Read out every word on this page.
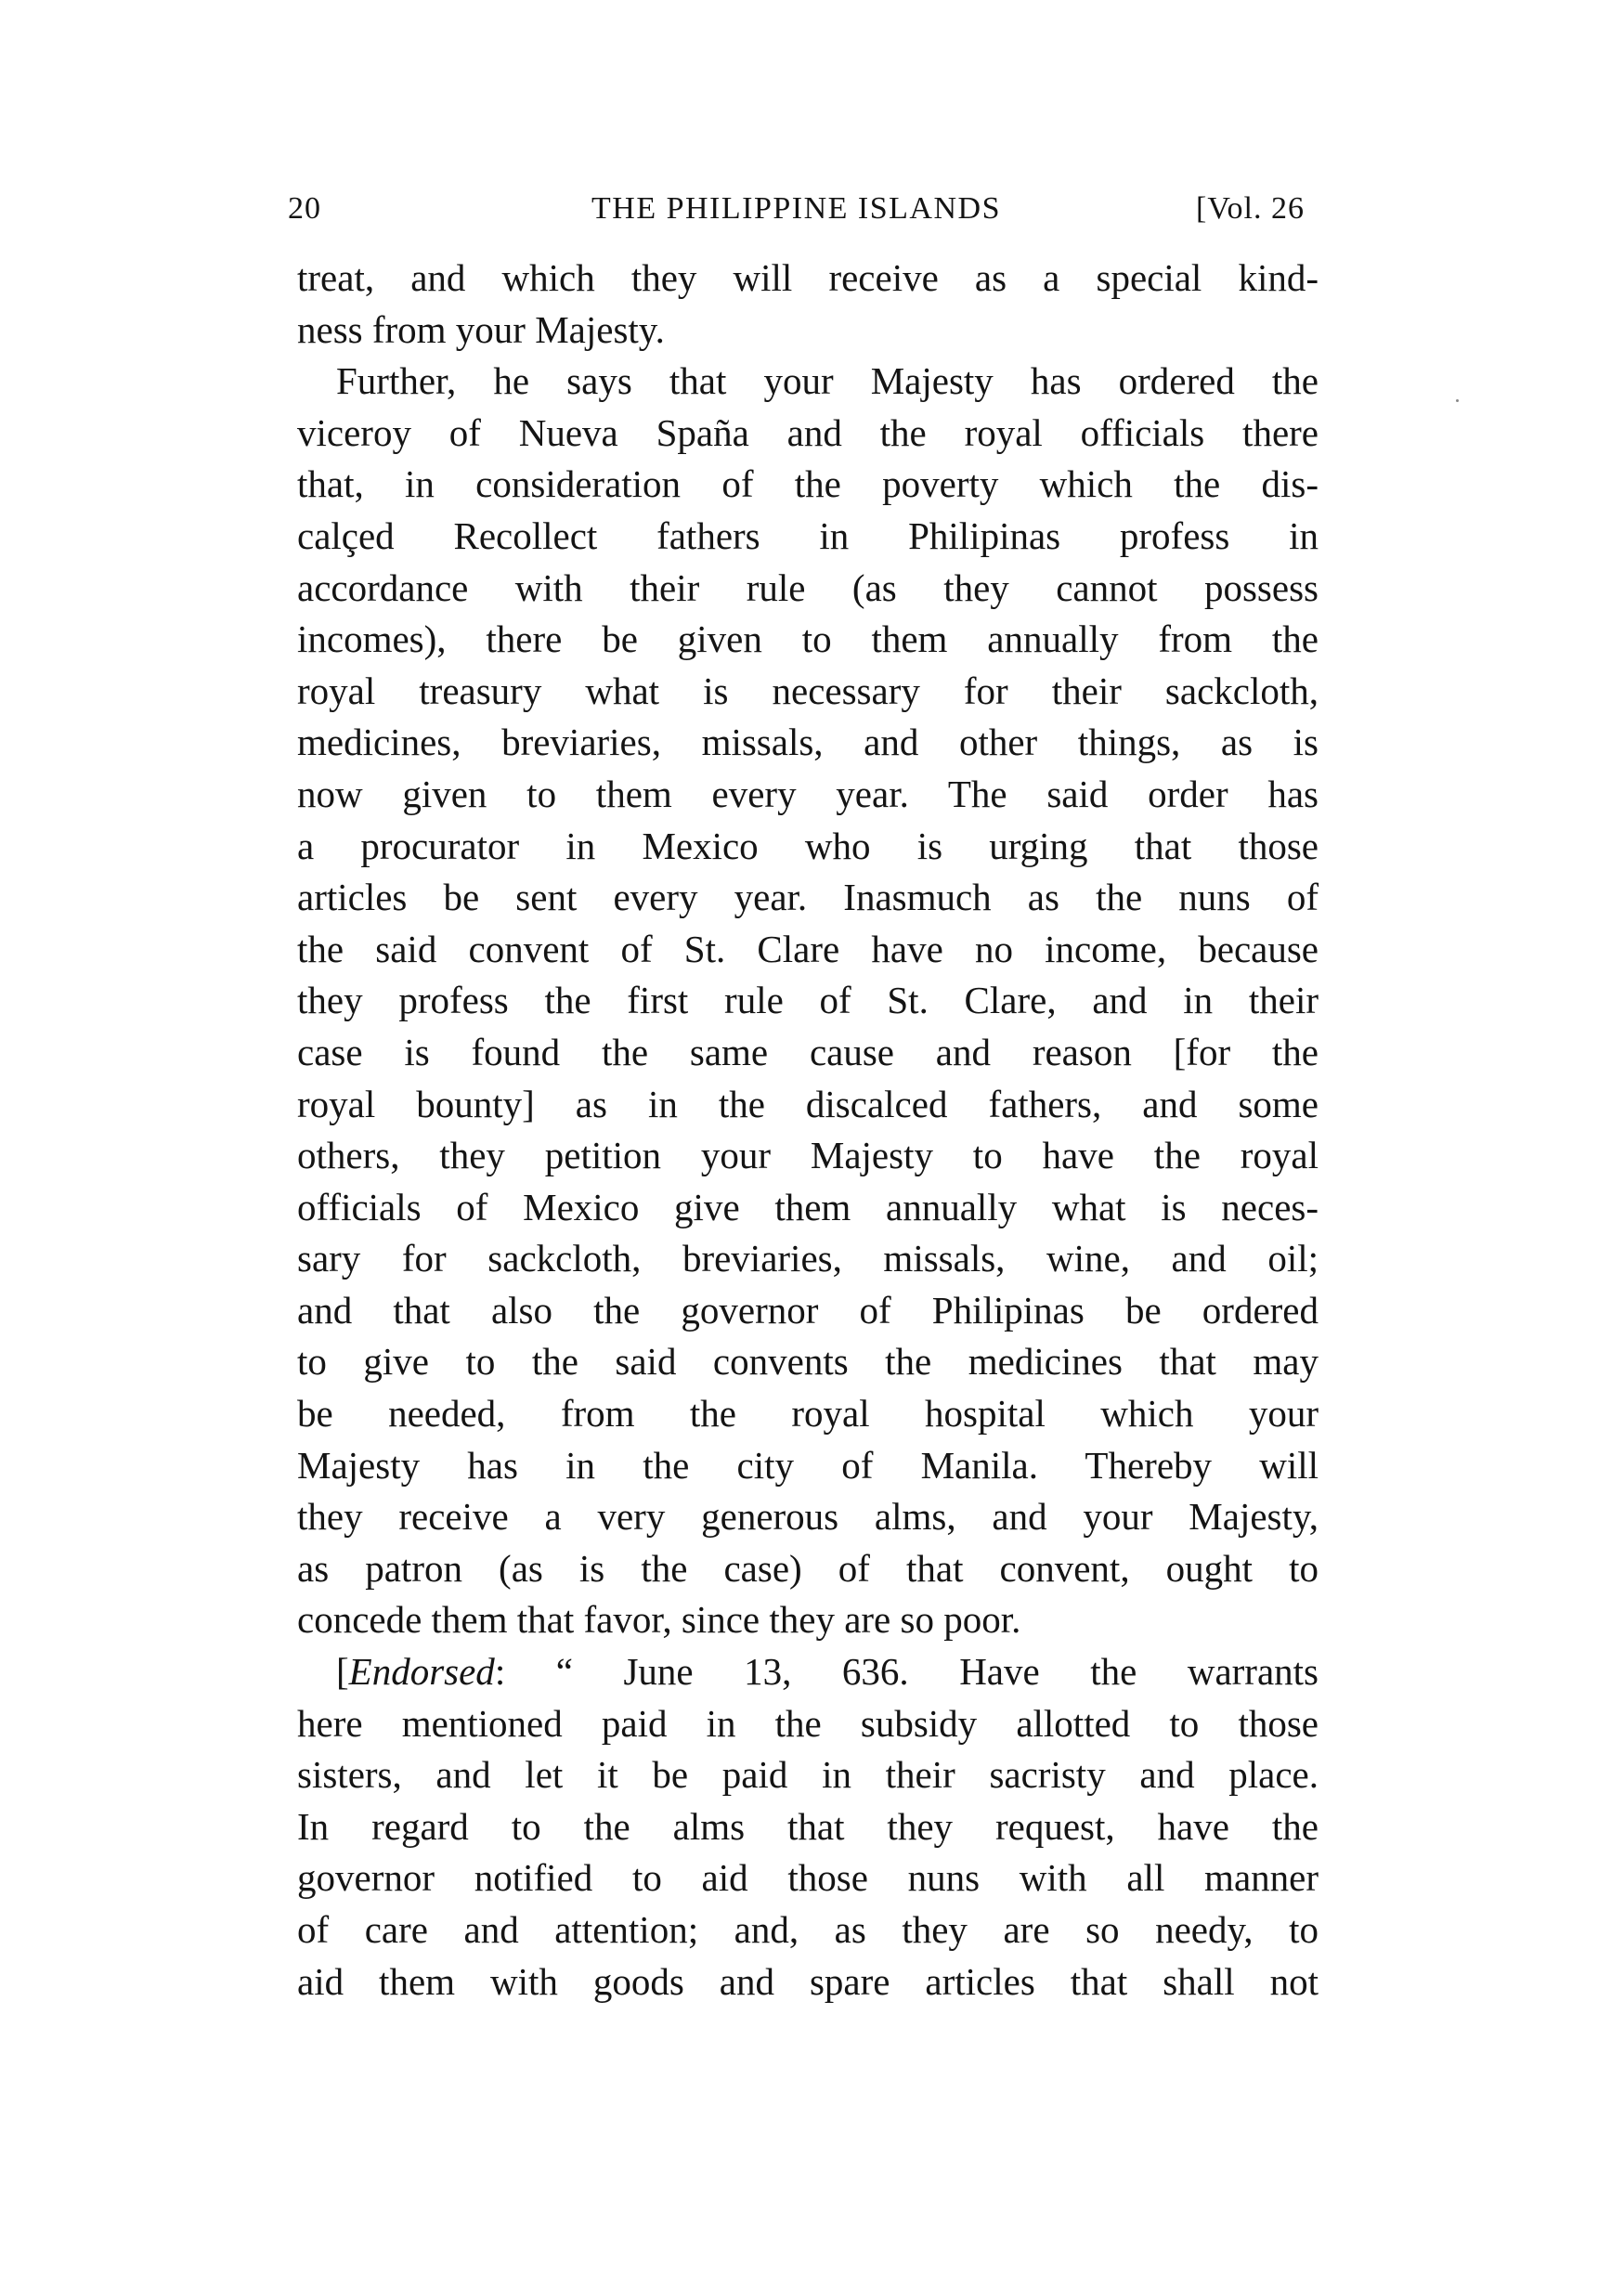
20	THE PHILIPPINE ISLANDS	[Vol. 26
treat, and which they will receive as a special kind-
ness from your Majesty.
Further, he says that your Majesty has ordered the
viceroy of Nueva Spaña and the royal officials there
that, in consideration of the poverty which the dis-
calçed Recollect fathers in Philipinas profess in
accordance with their rule (as they cannot possess
incomes), there be given to them annually from the
royal treasury what is necessary for their sackcloth,
medicines, breviaries, missals, and other things, as is
now given to them every year. The said order has
a procurator in Mexico who is urging that those
articles be sent every year. Inasmuch as the nuns of
the said convent of St. Clare have no income, because
they profess the first rule of St. Clare, and in their
case is found the same cause and reason [for the
royal bounty] as in the discalced fathers, and some
others, they petition your Majesty to have the royal
officials of Mexico give them annually what is neces-
sary for sackcloth, breviaries, missals, wine, and oil;
and that also the governor of Philipinas be ordered
to give to the said convents the medicines that may
be needed, from the royal hospital which your
Majesty has in the city of Manila. Thereby will
they receive a very generous alms, and your Majesty,
as patron (as is the case) of that convent, ought to
concede them that favor, since they are so poor.
[Endorsed: “ June 13, 636. Have the warrants
here mentioned paid in the subsidy allotted to those
sisters, and let it be paid in their sacristy and place.
In regard to the alms that they request, have the
governor notified to aid those nuns with all manner
of care and attention; and, as they are so needy, to
aid them with goods and spare articles that shall not
